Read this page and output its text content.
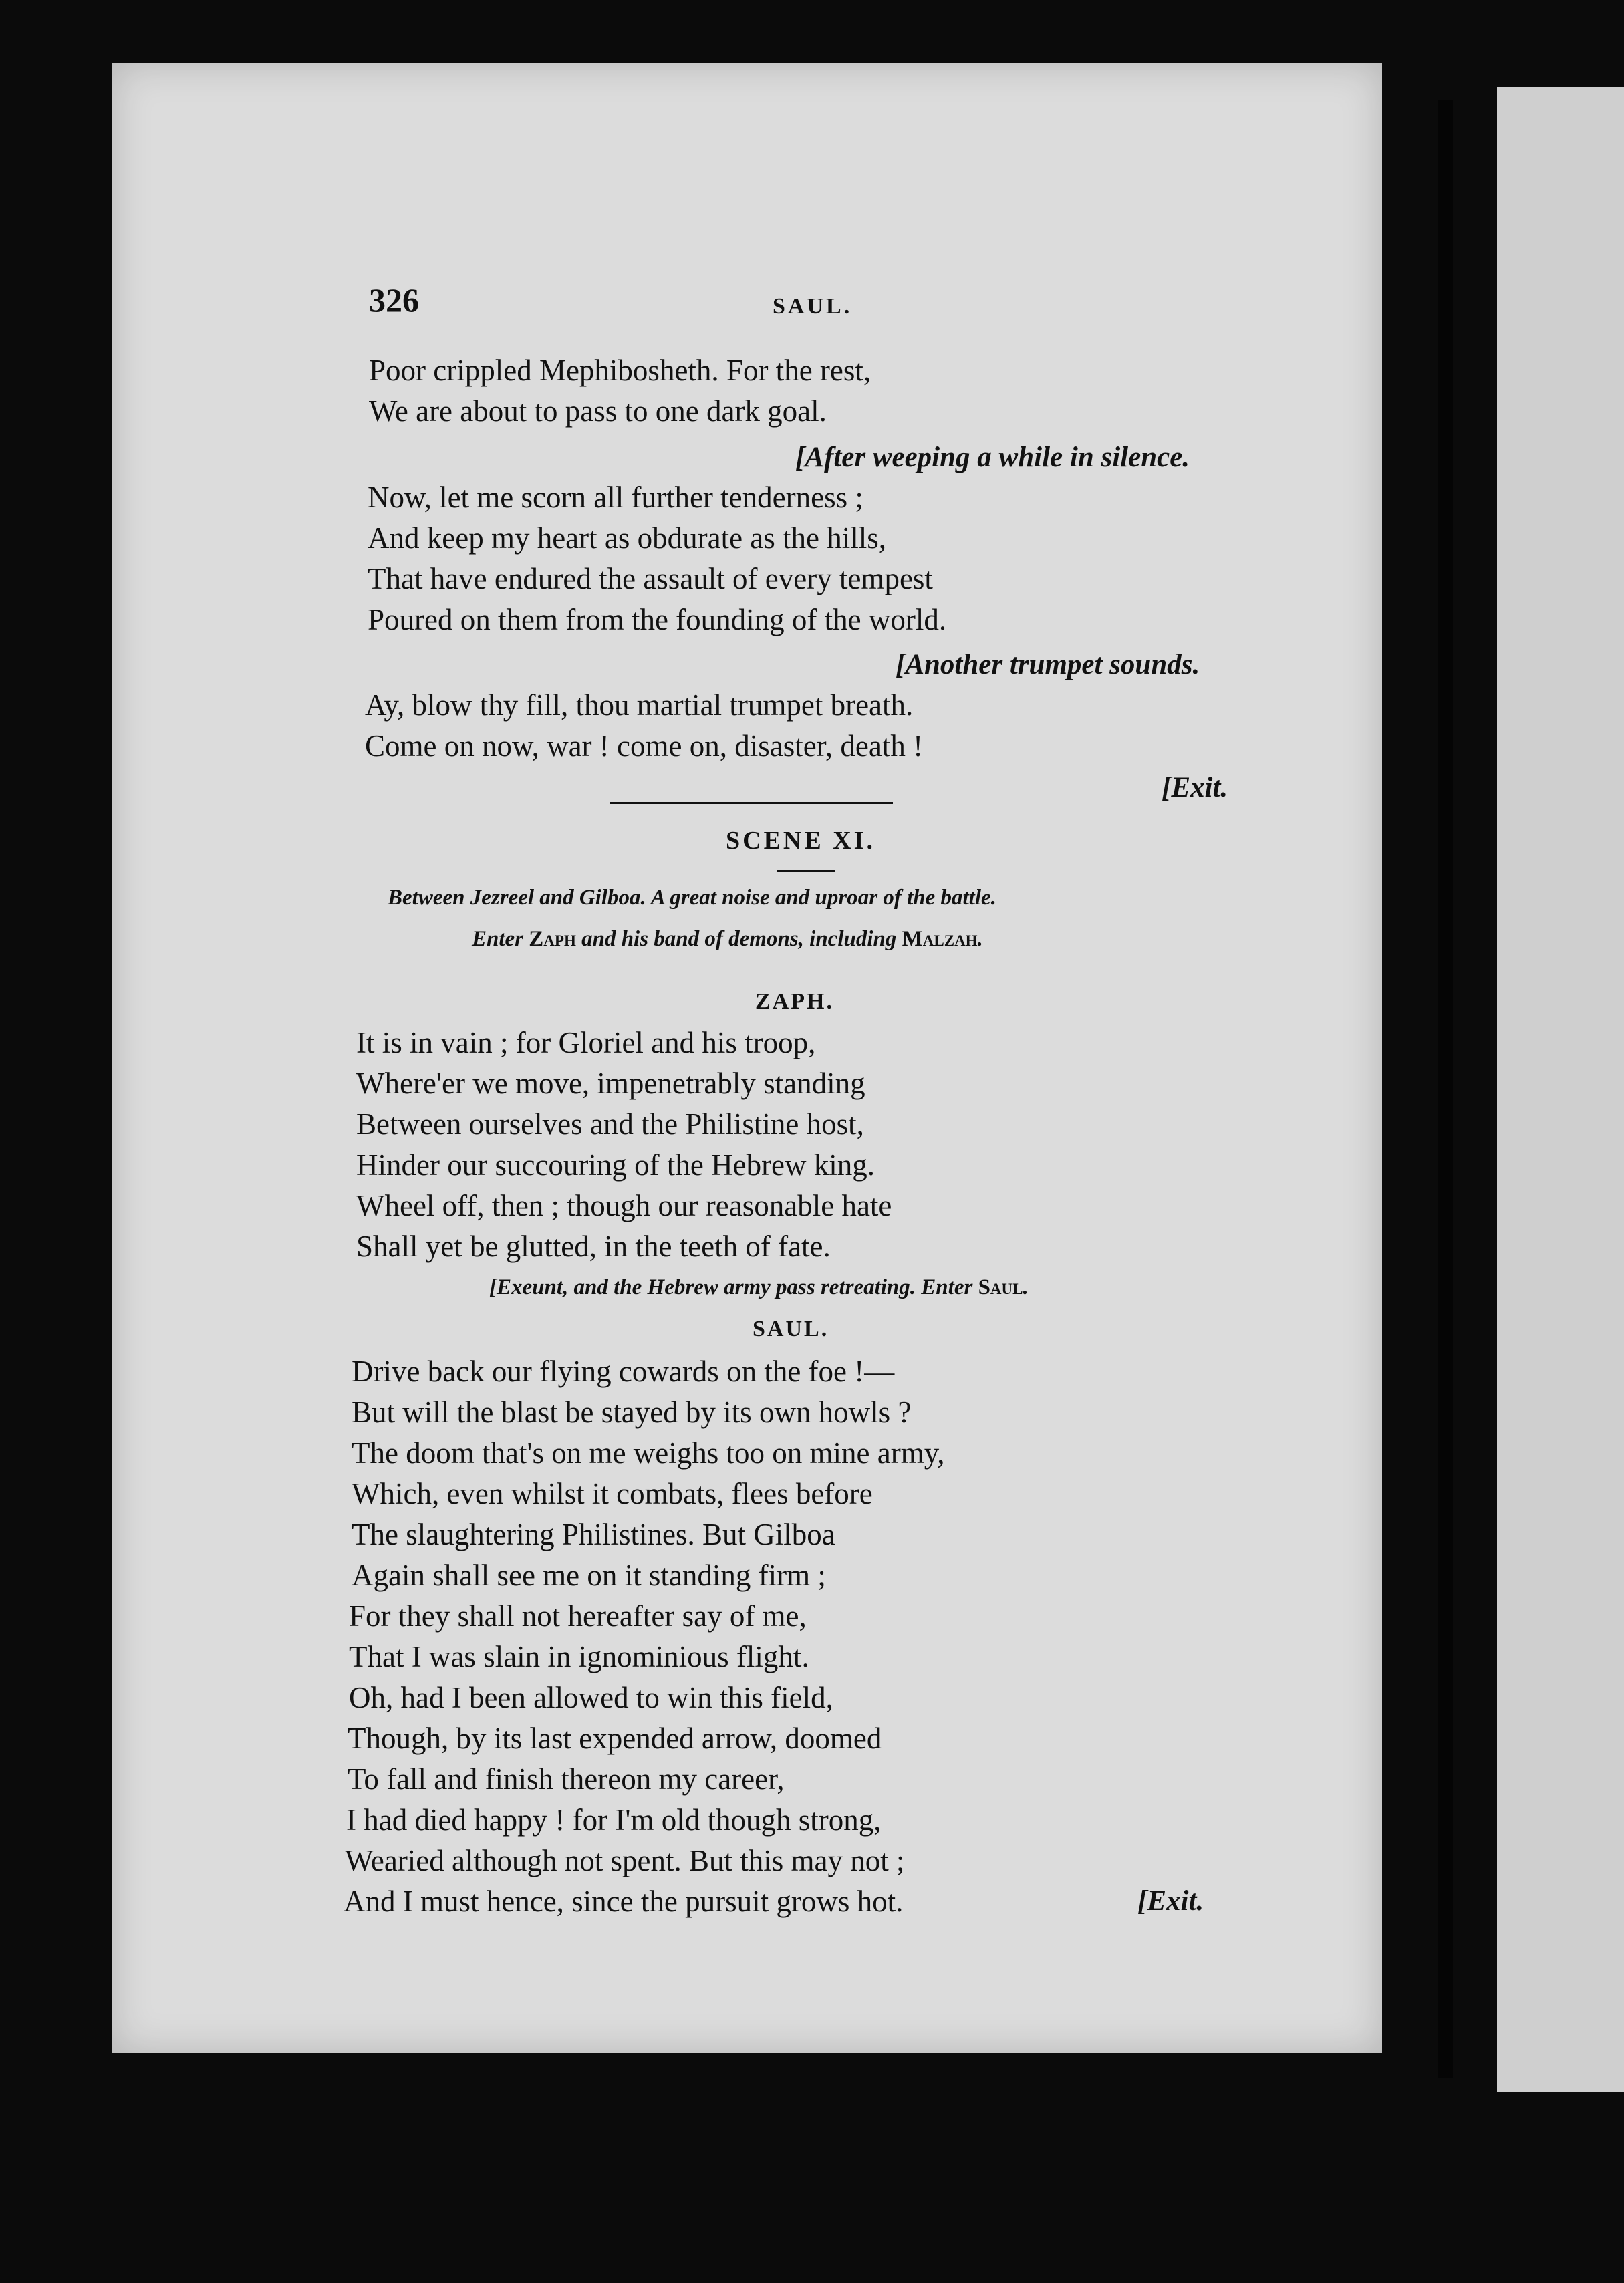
326	SAUL.
Poor crippled Mephibosheth. For the rest,
We are about to pass to one dark goal.
[After weeping a while in silence.
Now, let me scorn all further tenderness ;
And keep my heart as obdurate as the hills,
That have endured the assault of every tempest
Poured on them from the founding of the world.
[Another trumpet sounds.
Ay, blow thy fill, thou martial trumpet breath.
Come on now, war ! come on, disaster, death !
[Exit.
SCENE XI.
Between Jezreel and Gilboa. A great noise and uproar of the battle.
Enter Zaph and his band of demons, including Malzah.
ZAPH.
It is in vain ; for Gloriel and his troop,
Where'er we move, impenetrably standing
Between ourselves and the Philistine host,
Hinder our succouring of the Hebrew king.
Wheel off, then ; though our reasonable hate
Shall yet be glutted, in the teeth of fate.
[Exeunt, and the Hebrew army pass retreating. Enter Saul.
SAUL.
Drive back our flying cowards on the foe !—
But will the blast be stayed by its own howls ?
The doom that's on me weighs too on mine army,
Which, even whilst it combats, flees before
The slaughtering Philistines. But Gilboa
Again shall see me on it standing firm ;
For they shall not hereafter say of me,
That I was slain in ignominious flight.
Oh, had I been allowed to win this field,
Though, by its last expended arrow, doomed
To fall and finish thereon my career,
I had died happy ! for I'm old though strong,
Wearied although not spent. But this may not ;
And I must hence, since the pursuit grows hot.	[Exit.
